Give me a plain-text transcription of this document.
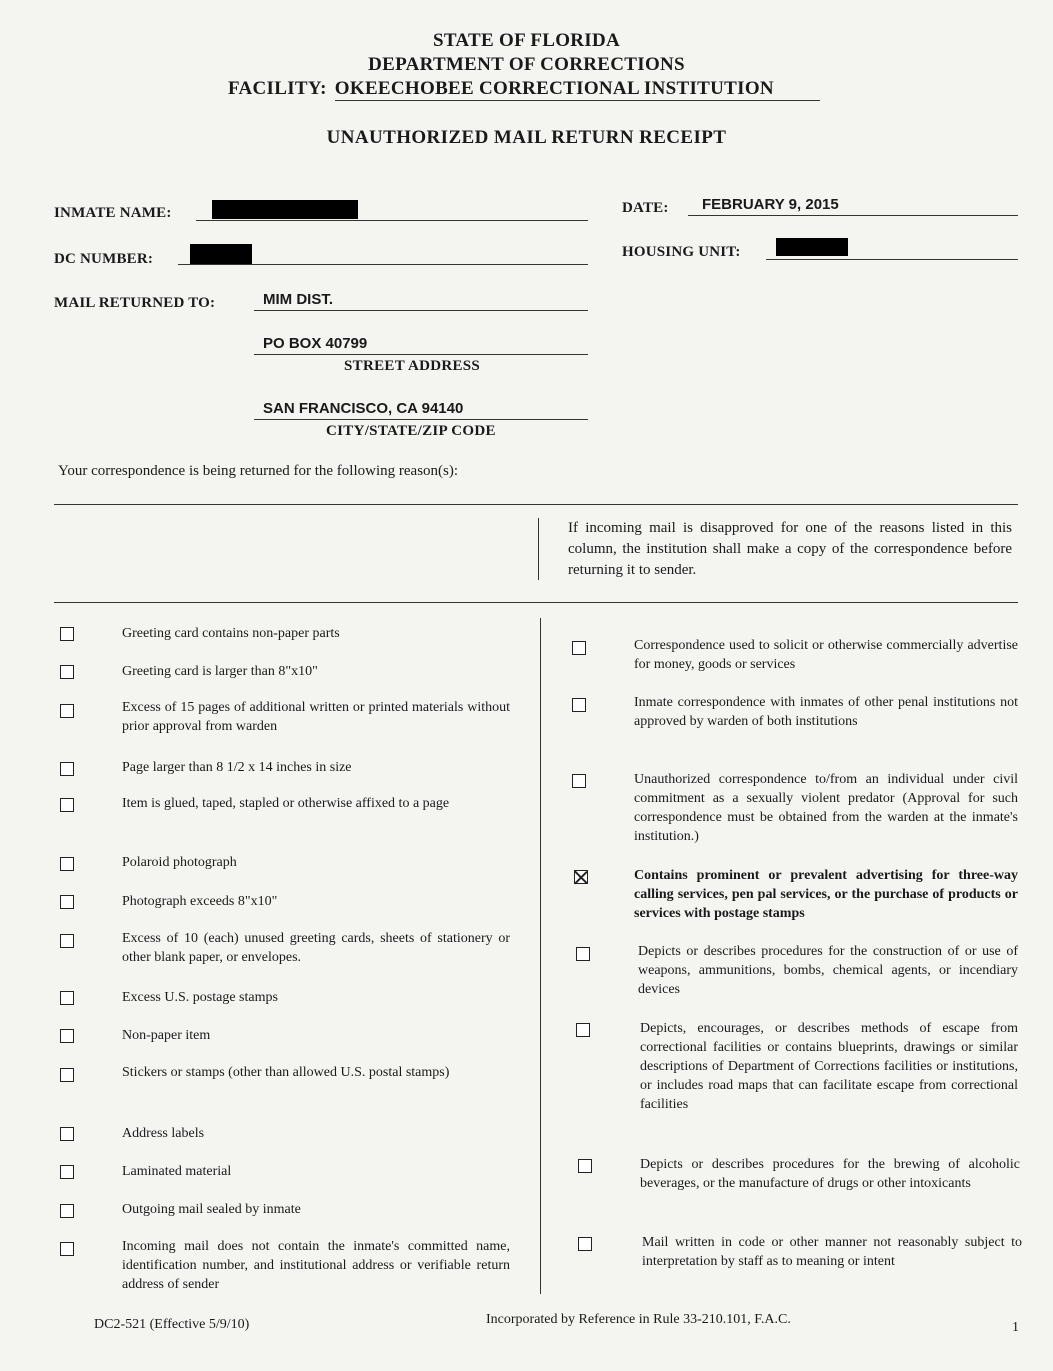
STATE OF FLORIDA
DEPARTMENT OF CORRECTIONS
FACILITY: OKEECHOBEE CORRECTIONAL INSTITUTION
UNAUTHORIZED MAIL RETURN RECEIPT
INMATE NAME:	DATE: FEBRUARY 9, 2015
DC NUMBER:	HOUSING UNIT:
MAIL RETURNED TO:	MIM DIST.
PO BOX 40799
STREET ADDRESS
SAN FRANCISCO, CA 94140
CITY/STATE/ZIP CODE
Your correspondence is being returned for the following reason(s):
If incoming mail is disapproved for one of the reasons listed in this column, the institution shall make a copy of the correspondence before returning it to sender.
Greeting card contains non-paper parts
Greeting card is larger than 8"x10"
Excess of 15 pages of additional written or printed materials without prior approval from warden
Page larger than 8 1/2 x 14 inches in size
Item is glued, taped, stapled or otherwise affixed to a page
Polaroid photograph
Photograph exceeds 8"x10"
Excess of 10 (each) unused greeting cards, sheets of stationery or other blank paper, or envelopes.
Excess U.S. postage stamps
Non-paper item
Stickers or stamps (other than allowed U.S. postal stamps)
Address labels
Laminated material
Outgoing mail sealed by inmate
Incoming mail does not contain the inmate's committed name, identification number, and institutional address or verifiable return address of sender
Correspondence used to solicit or otherwise commercially advertise for money, goods or services
Inmate correspondence with inmates of other penal institutions not approved by warden of both institutions
Unauthorized correspondence to/from an individual under civil commitment as a sexually violent predator (Approval for such correspondence must be obtained from the warden at the inmate's institution.)
Contains prominent or prevalent advertising for three-way calling services, pen pal services, or the purchase of products or services with postage stamps
Depicts or describes procedures for the construction of or use of weapons, ammunitions, bombs, chemical agents, or incendiary devices
Depicts, encourages, or describes methods of escape from correctional facilities or contains blueprints, drawings or similar descriptions of Department of Corrections facilities or institutions, or includes road maps that can facilitate escape from correctional facilities
Depicts or describes procedures for the brewing of alcoholic beverages, or the manufacture of drugs or other intoxicants
Mail written in code or other manner not reasonably subject to interpretation by staff as to meaning or intent
DC2-521 (Effective 5/9/10)	Incorporated by Reference in Rule 33-210.101, F.A.C.
1
